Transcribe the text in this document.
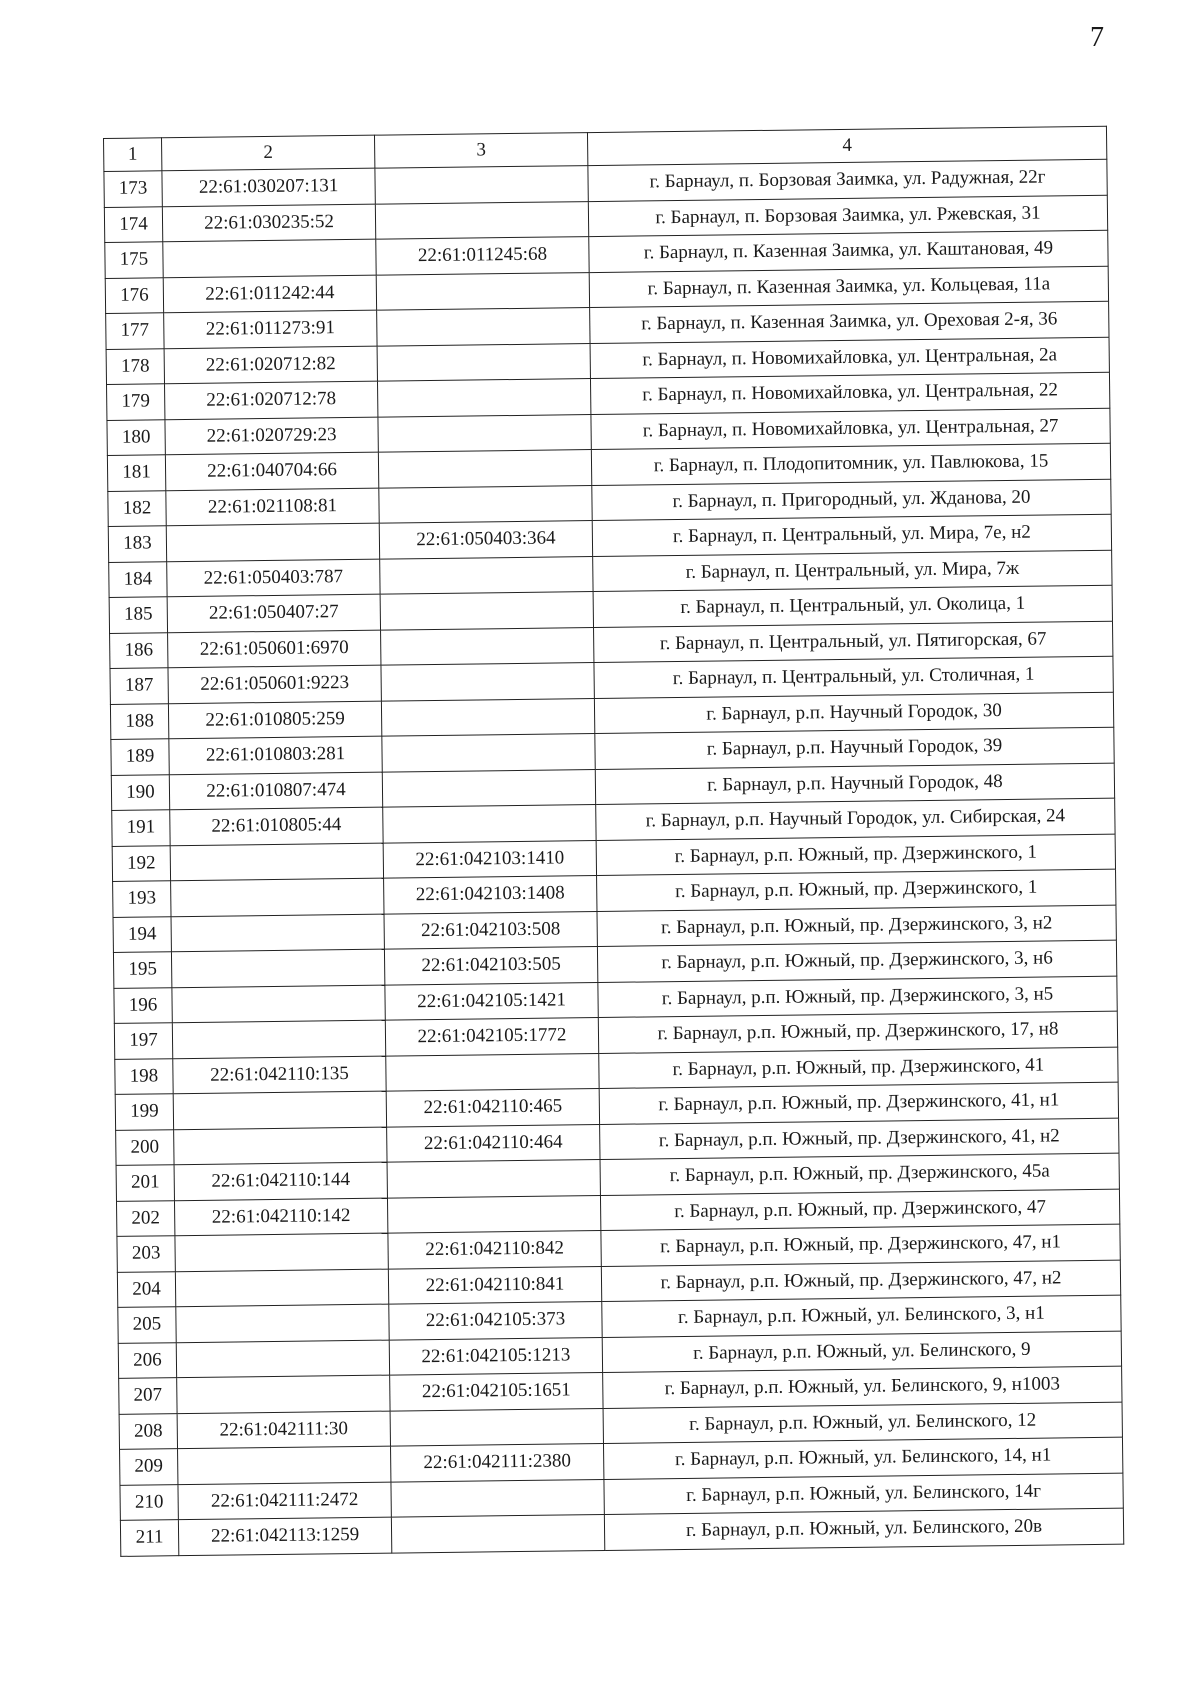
7
1	2	3	4
173	22:61:030207:131		г. Барнаул, п. Борзовая Заимка, ул. Радужная, 22г
174	22:61:030235:52		г. Барнаул, п. Борзовая Заимка, ул. Ржевская, 31
175		22:61:011245:68	г. Барнаул, п. Казенная Заимка, ул. Каштановая, 49
176	22:61:011242:44		г. Барнаул, п. Казенная Заимка, ул. Кольцевая, 11а
177	22:61:011273:91		г. Барнаул, п. Казенная Заимка, ул. Ореховая 2-я, 36
178	22:61:020712:82		г. Барнаул, п. Новомихайловка, ул. Центральная, 2а
179	22:61:020712:78		г. Барнаул, п. Новомихайловка, ул. Центральная, 22
180	22:61:020729:23		г. Барнаул, п. Новомихайловка, ул. Центральная, 27
181	22:61:040704:66		г. Барнаул, п. Плодопитомник, ул. Павлюкова, 15
182	22:61:021108:81		г. Барнаул, п. Пригородный, ул. Жданова, 20
183		22:61:050403:364	г. Барнаул, п. Центральный, ул. Мира, 7е, н2
184	22:61:050403:787		г. Барнаул, п. Центральный, ул. Мира, 7ж
185	22:61:050407:27		г. Барнаул, п. Центральный, ул. Околица, 1
186	22:61:050601:6970		г. Барнаул, п. Центральный, ул. Пятигорская, 67
187	22:61:050601:9223		г. Барнаул, п. Центральный, ул. Столичная, 1
188	22:61:010805:259		г. Барнаул, р.п. Научный Городок, 30
189	22:61:010803:281		г. Барнаул, р.п. Научный Городок, 39
190	22:61:010807:474		г. Барнаул, р.п. Научный Городок, 48
191	22:61:010805:44		г. Барнаул, р.п. Научный Городок, ул. Сибирская, 24
192		22:61:042103:1410	г. Барнаул, р.п. Южный, пр. Дзержинского, 1
193		22:61:042103:1408	г. Барнаул, р.п. Южный, пр. Дзержинского, 1
194		22:61:042103:508	г. Барнаул, р.п. Южный, пр. Дзержинского, 3, н2
195		22:61:042103:505	г. Барнаул, р.п. Южный, пр. Дзержинского, 3, н6
196		22:61:042105:1421	г. Барнаул, р.п. Южный, пр. Дзержинского, 3, н5
197		22:61:042105:1772	г. Барнаул, р.п. Южный, пр. Дзержинского, 17, н8
198	22:61:042110:135		г. Барнаул, р.п. Южный, пр. Дзержинского, 41
199		22:61:042110:465	г. Барнаул, р.п. Южный, пр. Дзержинского, 41, н1
200		22:61:042110:464	г. Барнаул, р.п. Южный, пр. Дзержинского, 41, н2
201	22:61:042110:144		г. Барнаул, р.п. Южный, пр. Дзержинского, 45а
202	22:61:042110:142		г. Барнаул, р.п. Южный, пр. Дзержинского, 47
203		22:61:042110:842	г. Барнаул, р.п. Южный, пр. Дзержинского, 47, н1
204		22:61:042110:841	г. Барнаул, р.п. Южный, пр. Дзержинского, 47, н2
205		22:61:042105:373	г. Барнаул, р.п. Южный, ул. Белинского, 3, н1
206		22:61:042105:1213	г. Барнаул, р.п. Южный, ул. Белинского, 9
207		22:61:042105:1651	г. Барнаул, р.п. Южный, ул. Белинского, 9, н1003
208	22:61:042111:30		г. Барнаул, р.п. Южный, ул. Белинского, 12
209		22:61:042111:2380	г. Барнаул, р.п. Южный, ул. Белинского, 14, н1
210	22:61:042111:2472		г. Барнаул, р.п. Южный, ул. Белинского, 14г
211	22:61:042113:1259		г. Барнаул, р.п. Южный, ул. Белинского, 20в
